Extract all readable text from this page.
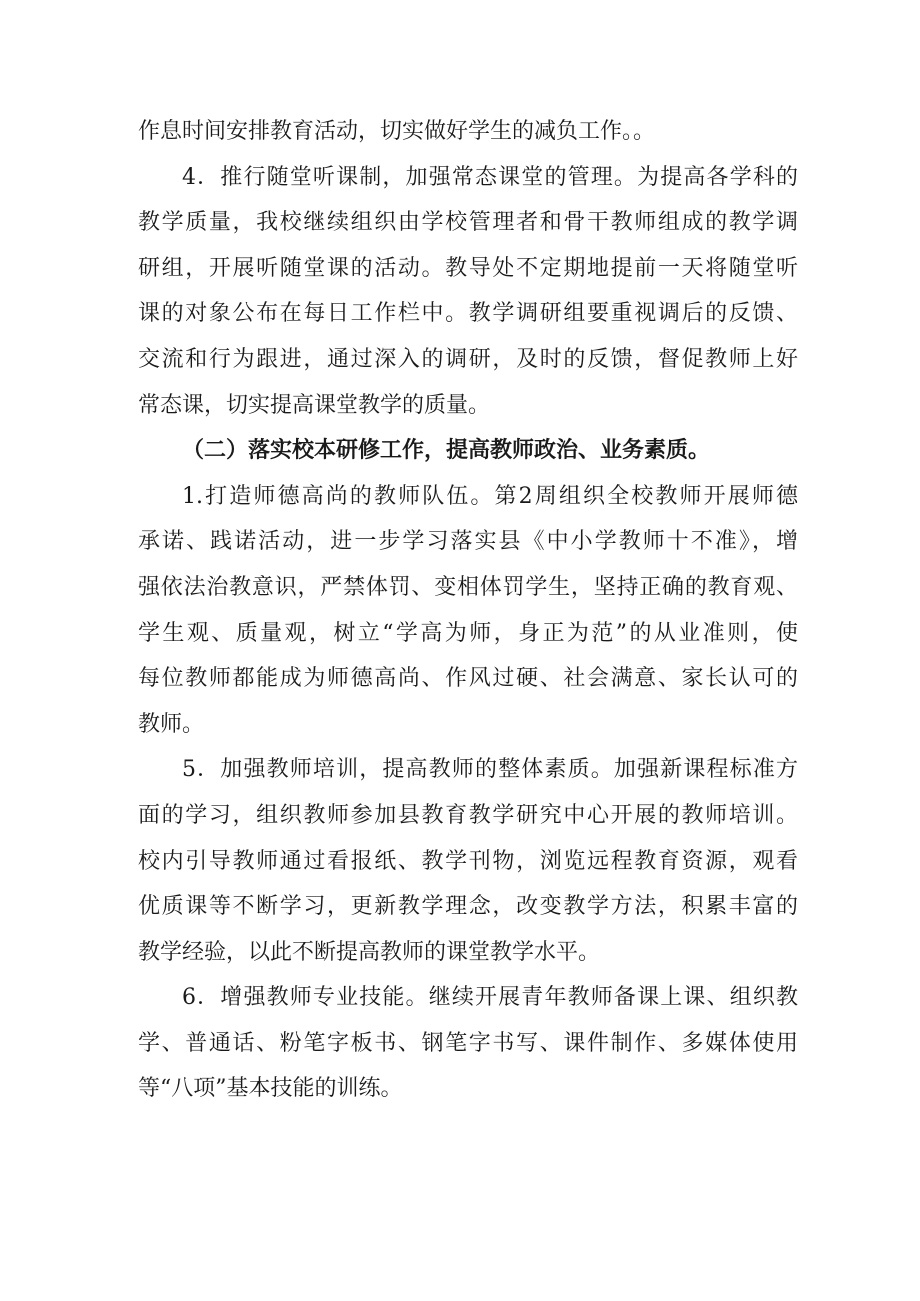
作息时间安排教育活动，切实做好学生的减负工作。。
4．推行随堂听课制，加强常态课堂的管理。为提高各学科的
教学质量，我校继续组织由学校管理者和骨干教师组成的教学调
研组，开展听随堂课的活动。教导处不定期地提前一天将随堂听
课的对象公布在每日工作栏中。教学调研组要重视调后的反馈、
交流和行为跟进，通过深入的调研，及时的反馈，督促教师上好
常态课，切实提高课堂教学的质量。
（二）落实校本研修工作，提高教师政治、业务素质。
1.打造师德高尚的教师队伍。第2周组织全校教师开展师德
承诺、践诺活动，进一步学习落实县《中小学教师十不准》，增
强依法治教意识，严禁体罚、变相体罚学生，坚持正确的教育观、
学生观、质量观，树立“学高为师，身正为范”的从业准则，使
每位教师都能成为师德高尚、作风过硬、社会满意、家长认可的
教师。
5．加强教师培训，提高教师的整体素质。加强新课程标准方
面的学习，组织教师参加县教育教学研究中心开展的教师培训。
校内引导教师通过看报纸、教学刊物，浏览远程教育资源，观看
优质课等不断学习，更新教学理念，改变教学方法，积累丰富的
教学经验，以此不断提高教师的课堂教学水平。
6．增强教师专业技能。继续开展青年教师备课上课、组织教
学、普通话、粉笔字板书、钢笔字书写、课件制作、多媒体使用
等“八项”基本技能的训练。
